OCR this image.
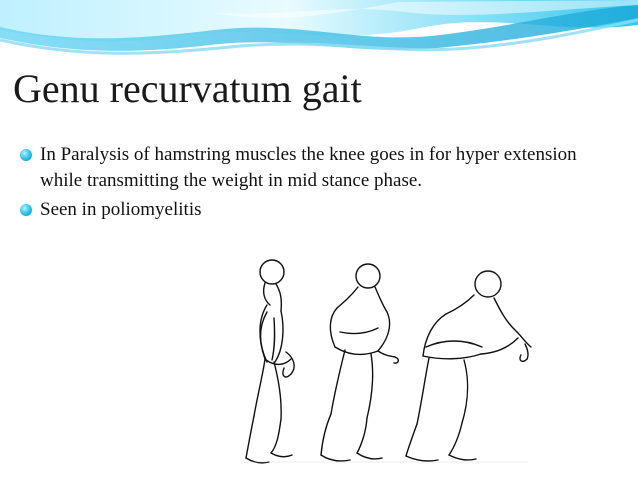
Genu recurvatum gait
In Paralysis of hamstring muscles the knee goes in for hyper extension while transmitting the weight in mid stance phase.
Seen in poliomyelitis
